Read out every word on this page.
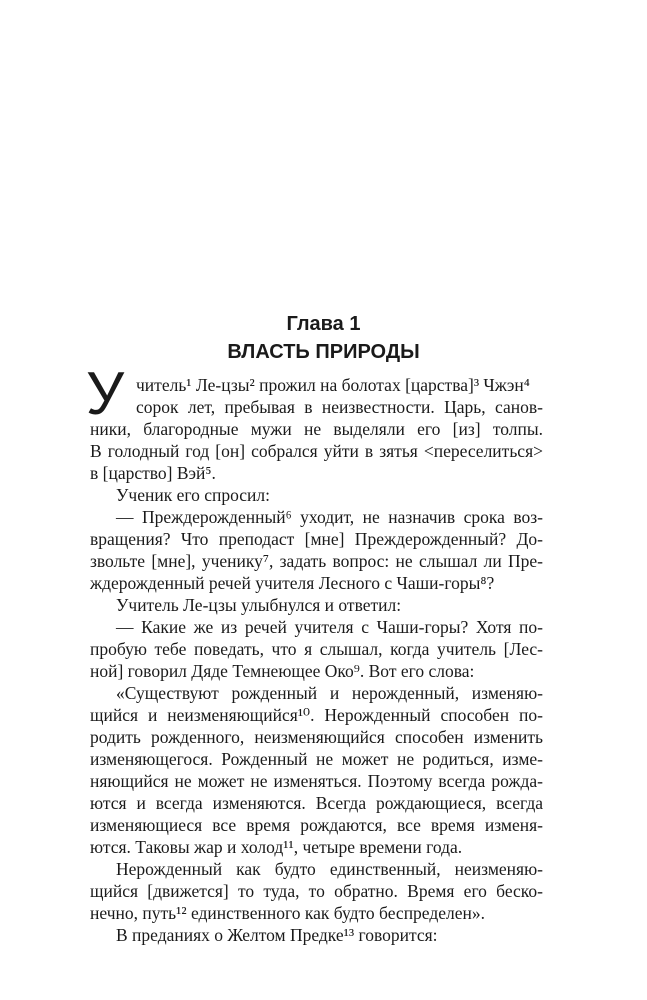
Глава 1
ВЛАСТЬ ПРИРОДЫ
У читель¹ Ле-цзы² прожил на болотах [царства]³ Чжэн⁴
сорок лет, пребывая в неизвестности. Царь, санов-
ники, благородные мужи не выделяли его [из] толпы.
В голодный год [он] собрался уйти в зятья <переселиться>
в [царство] Вэй⁵.
Ученик его спросил:
— Преждерожденный⁶ уходит, не назначив срока воз-
вращения? Что преподаст [мне] Преждерожденный? До-
звольте [мне], ученику⁷, задать вопрос: не слышал ли Пре-
ждерожденный речей учителя Лесного с Чаши-горы⁸?
Учитель Ле-цзы улыбнулся и ответил:
— Какие же из речей учителя с Чаши-горы? Хотя по-
пробую тебе поведать, что я слышал, когда учитель [Лес-
ной] говорил Дяде Темнеющее Око⁹. Вот его слова:
«Существуют рожденный и нерожденный, изменяю-
щийся и неизменяющийся¹⁰. Нерожденный способен по-
родить рожденного, неизменяющийся способен изменить
изменяющегося. Рожденный не может не родиться, изме-
няющийся не может не изменяться. Поэтому всегда рожда-
ются и всегда изменяются. Всегда рождающиеся, всегда
изменяющиеся все время рождаются, все время изменя-
ются. Таковы жар и холод¹¹, четыре времени года.
Нерожденный как будто единственный, неизменяю-
щийся [движется] то туда, то обратно. Время его беско-
нечно, путь¹² единственного как будто беспределен».
В преданиях о Желтом Предке¹³ говорится:
